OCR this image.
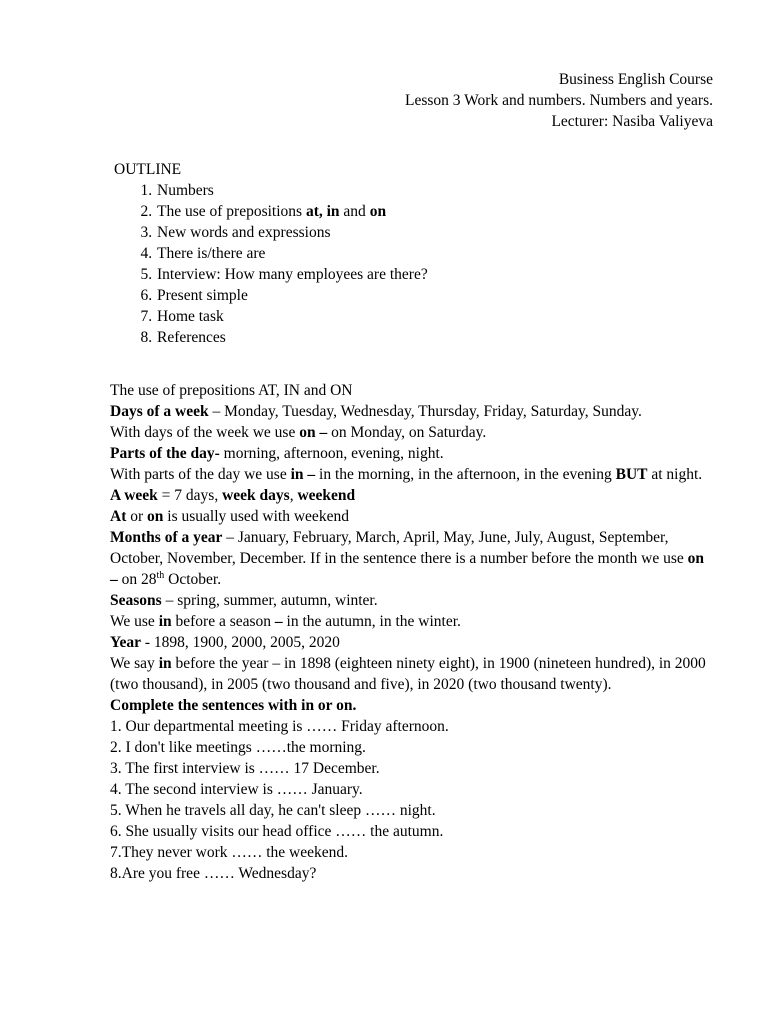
Business English Course
Lesson 3 Work and numbers. Numbers and years.
Lecturer: Nasiba Valiyeva
OUTLINE
1. Numbers
2. The use of prepositions at, in and on
3. New words and expressions
4. There is/there are
5. Interview: How many employees are there?
6. Present simple
7. Home task
8. References

The use of prepositions AT, IN and ON

Days of a week – Monday, Tuesday, Wednesday, Thursday, Friday, Saturday, Sunday.

With days of the week we use on – on Monday, on Saturday.

Parts of the day- morning, afternoon, evening, night.

With parts of the day we use in – in the morning, in the afternoon, in the evening BUT at night.

A week = 7 days, week days, weekend

At or on is usually used with weekend

Months of a year – January, February, March, April, May, June, July, August, September, October, November, December. If in the sentence there is a number before the month we use on – on 28th October.

Seasons – spring, summer, autumn, winter.

We use in before a season – in the autumn, in the winter.

Year - 1898, 1900, 2000, 2005, 2020

We say in before the year – in 1898 (eighteen ninety eight), in 1900 (nineteen hundred), in 2000 (two thousand), in 2005 (two thousand and five), in 2020 (two thousand twenty).

Complete the sentences with in or on.

1. Our departmental meeting is …… Friday afternoon.

2. I don't like meetings ……the morning.

3. The first interview is …… 17 December.

4. The second interview is …… January.

5. When he travels all day, he can't sleep …… night.

6. She usually visits our head office …… the autumn.

7.They never work …… the weekend.

8.Are you free …… Wednesday?
